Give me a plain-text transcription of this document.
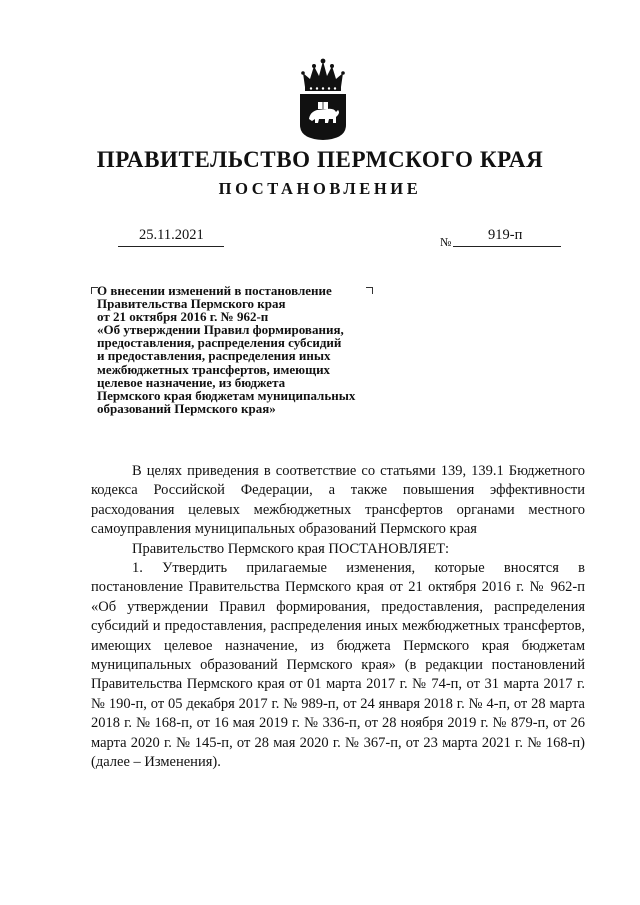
ПРАВИТЕЛЬСТВО ПЕРМСКОГО КРАЯ
ПОСТАНОВЛЕНИЕ
25.11.2021	№	919-п
О внесении изменений в постановление
Правительства Пермского края
от 21 октября 2016 г. № 962-п
«Об утверждении Правил формирования,
предоставления, распределения субсидий
и предоставления, распределения иных
межбюджетных трансфертов, имеющих
целевое назначение, из бюджета
Пермского края бюджетам муниципальных
образований Пермского края»

В целях приведения в соответствие со статьями 139, 139.1 Бюджетного кодекса Российской Федерации, а также повышения эффективности расходования целевых межбюджетных трансфертов органами местного самоуправления муниципальных образований Пермского края

Правительство Пермского края ПОСТАНОВЛЯЕТ:

1. Утвердить прилагаемые изменения, которые вносятся в постановление Правительства Пермского края от 21 октября 2016 г. № 962-п «Об утверждении Правил формирования, предоставления, распределения субсидий и предоставления, распределения иных межбюджетных трансфертов, имеющих целевое назначение, из бюджета Пермского края бюджетам муниципальных образований Пермского края» (в редакции постановлений Правительства Пермского края от 01 марта 2017 г. № 74-п, от 31 марта 2017 г. № 190-п, от 05 декабря 2017 г. № 989-п, от 24 января 2018 г. № 4-п, от 28 марта 2018 г. № 168-п, от 16 мая 2019 г. № 336-п, от 28 ноября 2019 г. № 879-п, от 26 марта 2020 г. № 145-п, от 28 мая 2020 г. № 367-п, от 23 марта 2021 г. № 168-п) (далее – Изменения).
